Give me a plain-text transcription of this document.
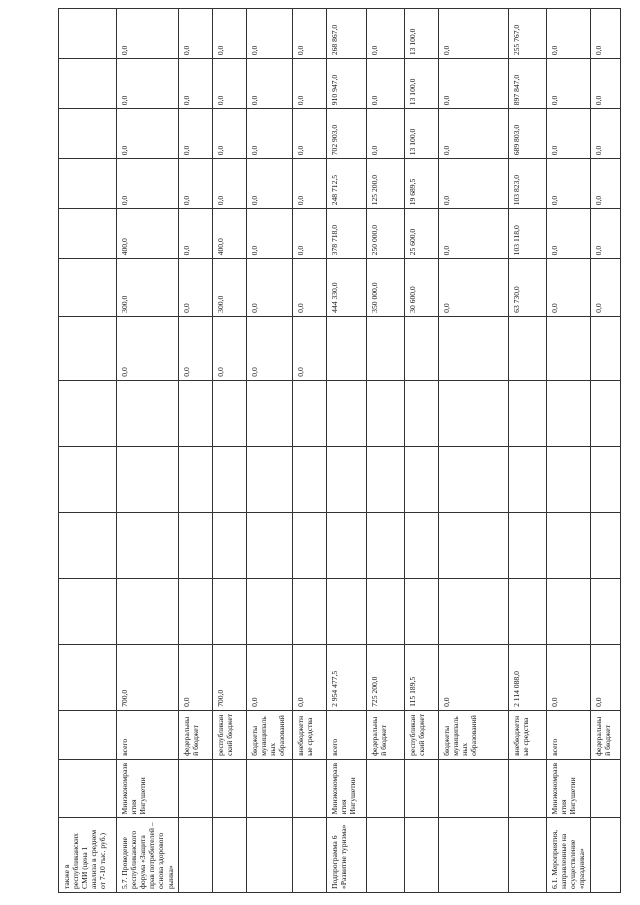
также в республиканских СМИ (цена 1 анализа в среднем от 7-10 тыс. руб.)														
5.7. Проведение республиканского форума «Защита прав потребителей – основа здорового рынка»	Минэкономразвития Ингушетии	всего	700,0					0,0	300,0	400,0	0,0	0,0	0,0	0,0
		федеральный бюджет	0,0					0,0	0,0	0,0	0,0	0,0	0,0	0,0
		республиканский бюджет	700,0					0,0	300,0	400,0	0,0	0,0	0,0	0,0
		бюджеты муниципальных образований	0,0					0,0	0,0	0,0	0,0	0,0	0,0	0,0
		внебюджетные средства	0,0					0,0	0,0	0,0	0,0	0,0	0,0	0,0
Подпрограмма 6 «Развитие туризма»	Минэкономразвития Ингушетии	всего	2 954 477,5						444 330,0	378 718,0	248 712,5	702 903,0	910 947,0	268 867,0
		федеральный бюджет	725 200,0						350 000,0	250 000,0	125 200,0	0,0	0,0	0,0
		республиканский бюджет	115 189,5						30 600,0	25 600,0	19 689,5	13 100,0	13 100,0	13 100,0
		бюджеты муниципальных образований	0,0						0,0	0,0	0,0	0,0	0,0	0,0
		внебюджетные средства	2 114 088,0						63 730,0	103 118,0	103 823,0	689 803,0	897 847,0	255 767,0
6.1. Мероприятия, направленные на осуществление «праздника»	Минэкономразвития Ингушетии	всего	0,0						0,0	0,0	0,0	0,0	0,0	0,0
		федеральный бюджет	0,0						0,0	0,0	0,0	0,0	0,0	0,0
